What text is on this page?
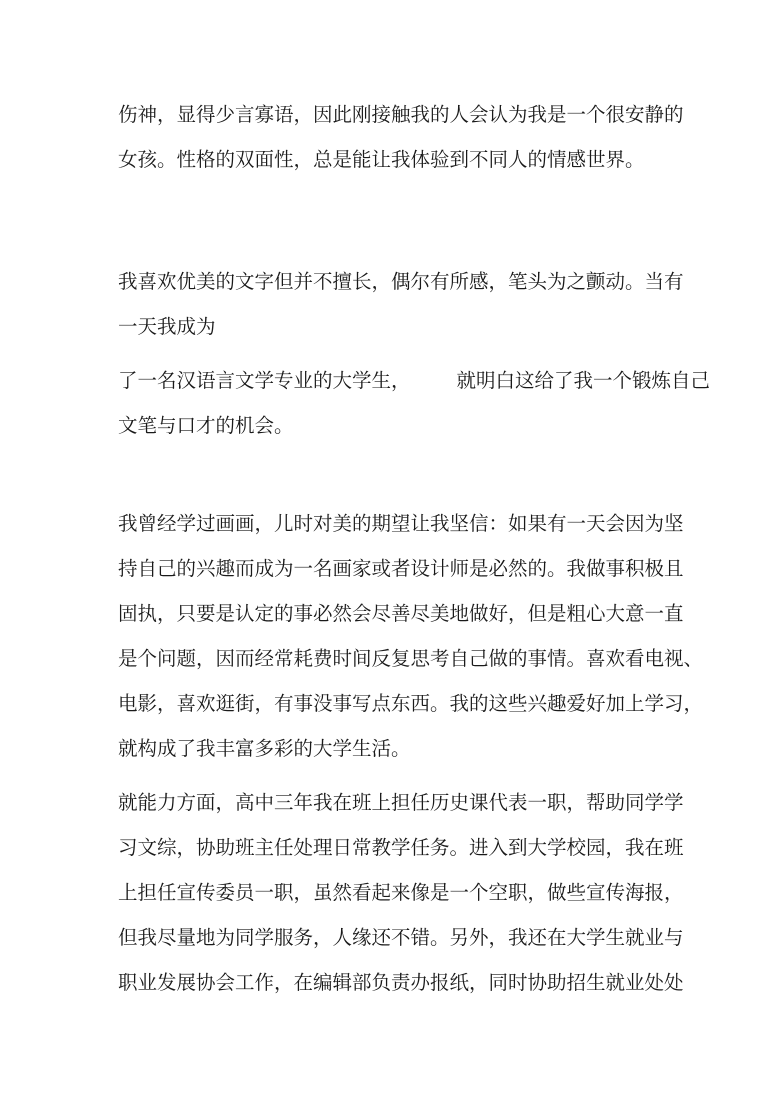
伤神，显得少言寡语，因此刚接触我的人会认为我是一个很安静的
女孩。性格的双面性，总是能让我体验到不同人的情感世界。

我喜欢优美的文字但并不擅长，偶尔有所感，笔头为之颤动。当有
一天我成为

了一名汉语言文学专业的大学生， 就明白这给了我一个锻炼自己
文笔与口才的机会。

我曾经学过画画，儿时对美的期望让我坚信：如果有一天会因为坚
持自己的兴趣而成为一名画家或者设计师是必然的。我做事积极且
固执，只要是认定的事必然会尽善尽美地做好，但是粗心大意一直
是个问题，因而经常耗费时间反复思考自己做的事情。喜欢看电视、
电影，喜欢逛街，有事没事写点东西。我的这些兴趣爱好加上学习，
就构成了我丰富多彩的大学生活。

就能力方面，高中三年我在班上担任历史课代表一职，帮助同学学
习文综，协助班主任处理日常教学任务。进入到大学校园，我在班
上担任宣传委员一职，虽然看起来像是一个空职，做些宣传海报，
但我尽量地为同学服务，人缘还不错。另外，我还在大学生就业与
职业发展协会工作，在编辑部负责办报纸，同时协助招生就业处处
